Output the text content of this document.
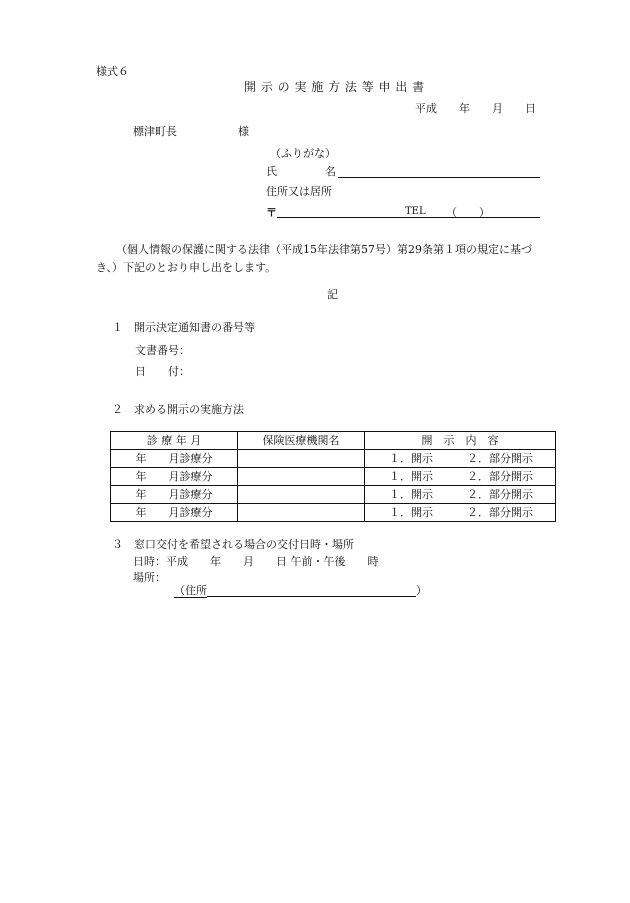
様式６
開 示 の 実 施 方 法 等 申 出 書
平成　　年　　月　　日
標津町長	様
（ふりがな）
氏	名
住所又は居所
〒	TEL （　　）
（個人情報の保護に関する法律（平成15年法律第57号）第29条第１項の規定に基づ
き、）下記のとおり申し出をします。
記
１　開示決定通知書の番号等
文書番号：
日　　付：
２　求める開示の実施方法
診 療 年 月	保険医療機関名	開　示　内　容
年　　月診療分		１．開示 ２．部分開示

年　　月診療分		１．開示 ２．部分開示

年　　月診療分		１．開示 ２．部分開示

年　　月診療分		１．開示 ２．部分開示
３　窓口交付を希望される場合の交付日時・場所
日時：平成　　年　　月　　日 午前・午後　　時
場所：
（住所	）
